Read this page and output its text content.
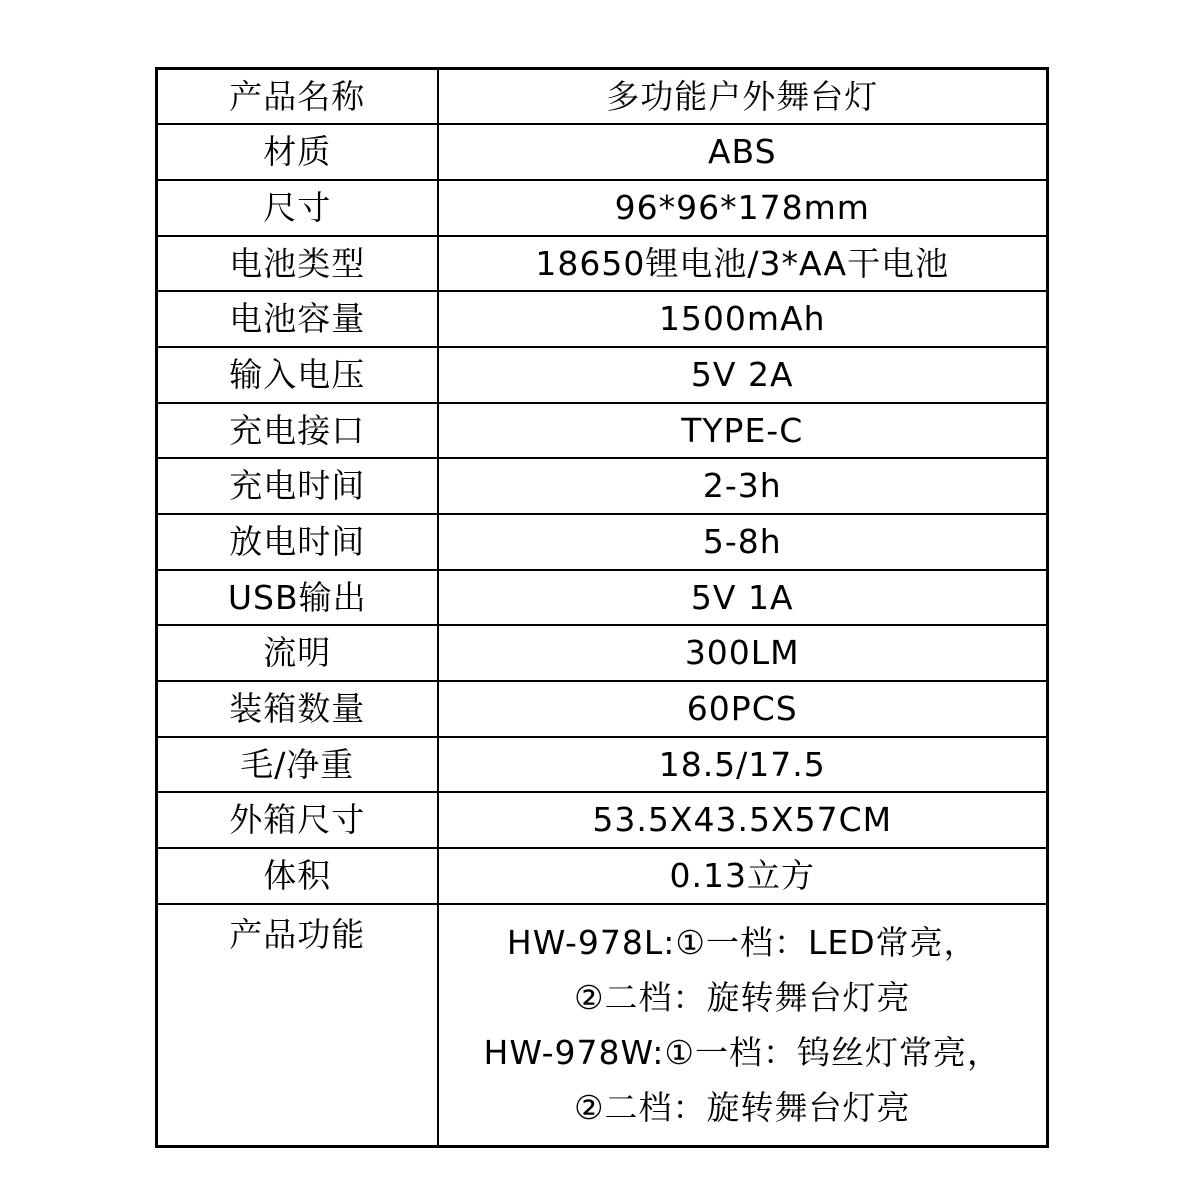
产品名称	多功能户外舞台灯
材质	ABS
尺寸	96*96*178mm
电池类型	18650锂电池/3*AA干电池
电池容量	1500mAh
输入电压	5V 2A
充电接口	TYPE-C
充电时间	2-3h
放电时间	5-8h
USB输出	5V 1A
流明	300LM
装箱数量	60PCS
毛/净重	18.5/17.5
外箱尺寸	53.5X43.5X57CM
体积	0.13立方
产品功能	HW-978L:①一档：LED常亮，
②二档：旋转舞台灯亮
HW-978W:①一档：钨丝灯常亮，
②二档：旋转舞台灯亮
